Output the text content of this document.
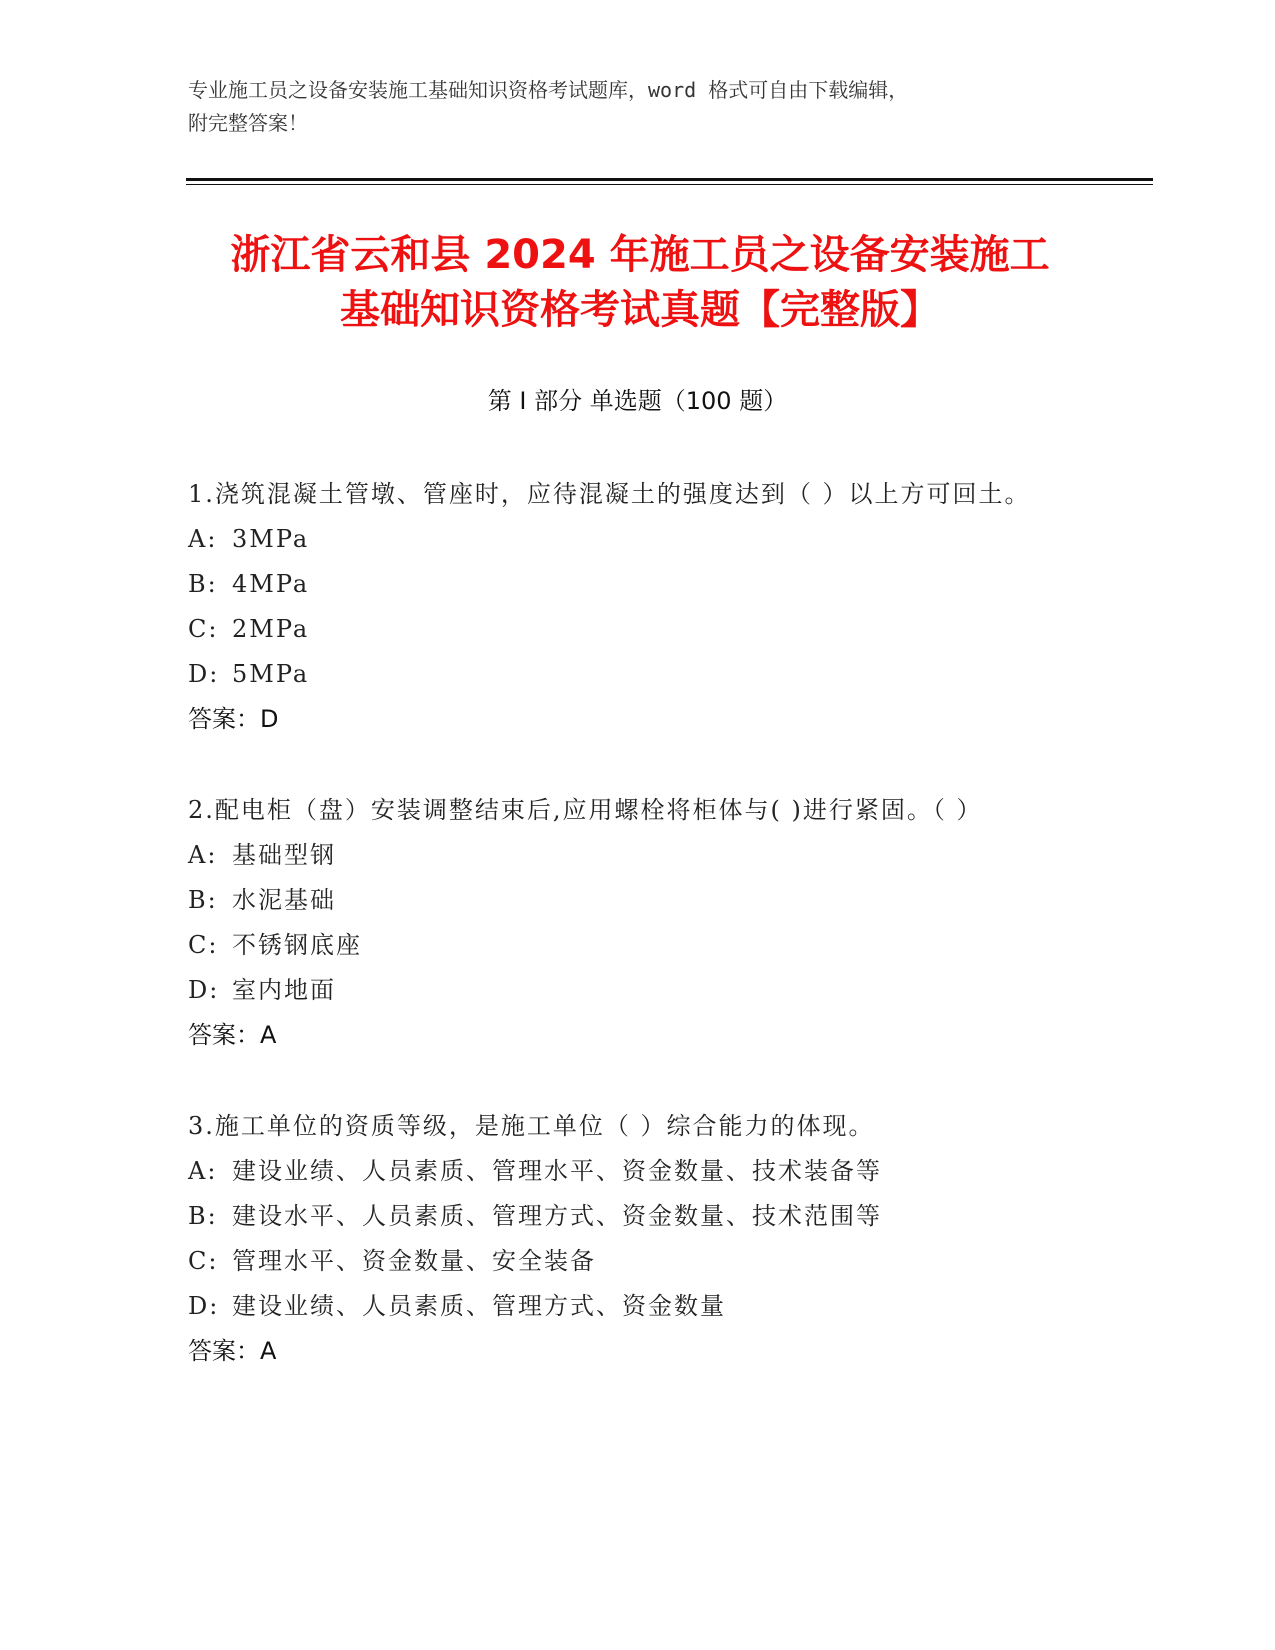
专业施工员之设备安装施工基础知识资格考试题库，word 格式可自由下载编辑，
附完整答案！
浙江省云和县 2024 年施工员之设备安装施工
基础知识资格考试真题【完整版】
第 I 部分 单选题（100 题）
1.浇筑混凝土管墩、管座时，应待混凝土的强度达到（ ）以上方可回土。
A: 3MPa
B: 4MPa
C: 2MPa
D: 5MPa
答案：D
2.配电柜（盘）安装调整结束后,应用螺栓将柜体与( )进行紧固。（ ）
A: 基础型钢
B: 水泥基础
C: 不锈钢底座
D: 室内地面
答案：A
3.施工单位的资质等级，是施工单位（ ）综合能力的体现。
A: 建设业绩、人员素质、管理水平、资金数量、技术装备等
B: 建设水平、人员素质、管理方式、资金数量、技术范围等
C: 管理水平、资金数量、安全装备
D: 建设业绩、人员素质、管理方式、资金数量
答案：A
